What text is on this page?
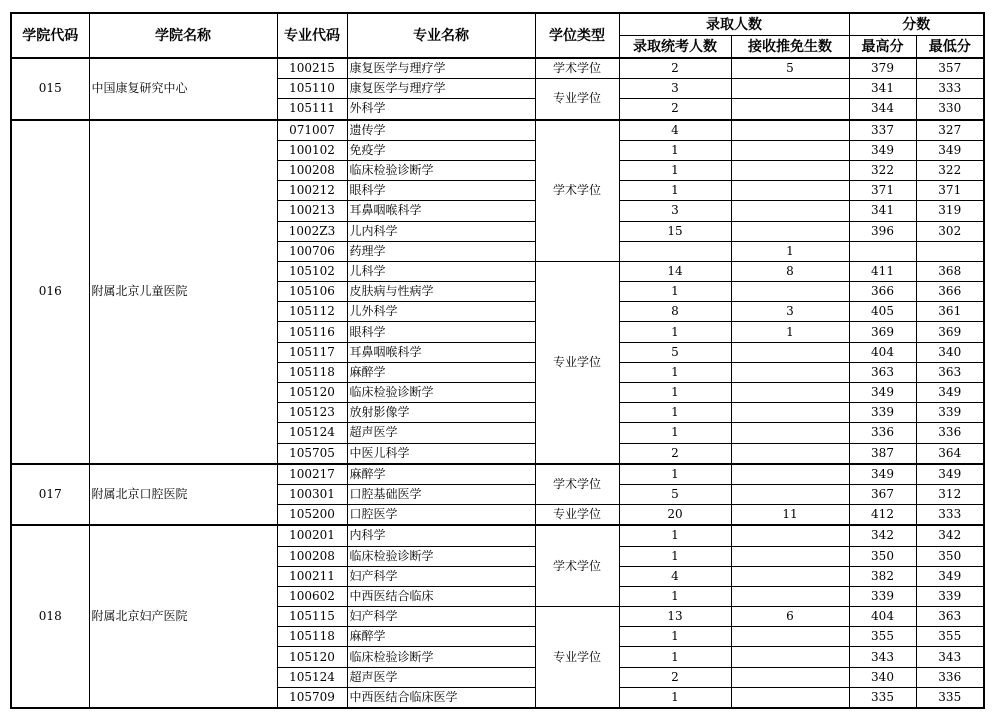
学院代码	学院名称	专业代码	专业名称	学位类型	录取人数		分数	
					录取统考人数	接收推免生数	最高分	最低分
015	中国康复研究中心	100215	康复医学与理疗学	学术学位	2	5	379	357
		105110	康复医学与理疗学	专业学位	3		341	333
		105111	外科学		2		344	330
016	附属北京儿童医院	071007	遗传学	学术学位	4		337	327
		100102	免疫学		1		349	349
		100208	临床检验诊断学		1		322	322
		100212	眼科学		1		371	371
		100213	耳鼻咽喉科学		3		341	319
		1002Z3	儿内科学		15		396	302
		100706	药理学			1		
		105102	儿科学	专业学位	14	8	411	368
		105106	皮肤病与性病学		1		366	366
		105112	儿外科学		8	3	405	361
		105116	眼科学		1	1	369	369
		105117	耳鼻咽喉科学		5		404	340
		105118	麻醉学		1		363	363
		105120	临床检验诊断学		1		349	349
		105123	放射影像学		1		339	339
		105124	超声医学		1		336	336
		105705	中医儿科学		2		387	364
017	附属北京口腔医院	100217	麻醉学	学术学位	1		349	349
		100301	口腔基础医学		5		367	312
		105200	口腔医学	专业学位	20	11	412	333
018	附属北京妇产医院	100201	内科学	学术学位	1		342	342
		100208	临床检验诊断学		1		350	350
		100211	妇产科学		4		382	349
		100602	中西医结合临床		1		339	339
		105115	妇产科学	专业学位	13	6	404	363
		105118	麻醉学		1		355	355
		105120	临床检验诊断学		1		343	343
		105124	超声医学		2		340	336
		105709	中西医结合临床医学		1		335	335
